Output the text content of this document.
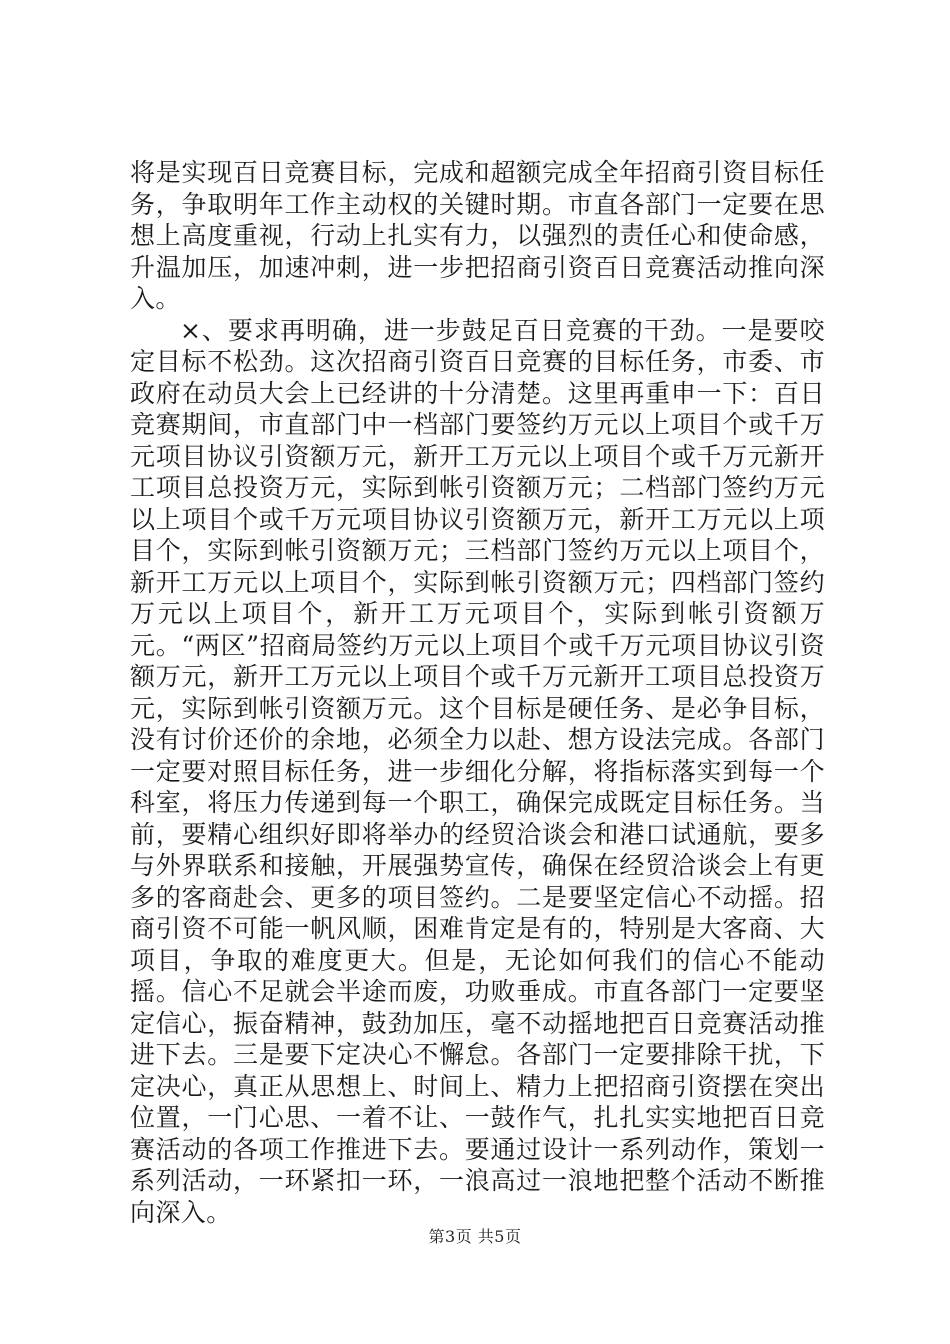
将是实现百日竞赛目标，完成和超额完成全年招商引资目标任务，争取明年工作主动权的关键时期。市直各部门一定要在思想上高度重视，行动上扎实有力，以强烈的责任心和使命感，升温加压，加速冲刺，进一步把招商引资百日竞赛活动推向深入。

×、要求再明确，进一步鼓足百日竞赛的干劲。一是要咬定目标不松劲。这次招商引资百日竞赛的目标任务，市委、市政府在动员大会上已经讲的十分清楚。这里再重申一下：百日竞赛期间，市直部门中一档部门要签约万元以上项目个或千万元项目协议引资额万元，新开工万元以上项目个或千万元新开工项目总投资万元，实际到帐引资额万元；二档部门签约万元以上项目个或千万元项目协议引资额万元，新开工万元以上项目个，实际到帐引资额万元；三档部门签约万元以上项目个，新开工万元以上项目个，实际到帐引资额万元；四档部门签约万元以上项目个，新开工万元项目个，实际到帐引资额万元。“两区”招商局签约万元以上项目个或千万元项目协议引资额万元，新开工万元以上项目个或千万元新开工项目总投资万元，实际到帐引资额万元。这个目标是硬任务、是必争目标，没有讨价还价的余地，必须全力以赴、想方设法完成。各部门一定要对照目标任务，进一步细化分解，将指标落实到每一个科室，将压力传递到每一个职工，确保完成既定目标任务。当前，要精心组织好即将举办的经贸洽谈会和港口试通航，要多与外界联系和接触，开展强势宣传，确保在经贸洽谈会上有更多的客商赴会、更多的项目签约。二是要坚定信心不动摇。招商引资不可能一帆风顺，困难肯定是有的，特别是大客商、大项目，争取的难度更大。但是，无论如何我们的信心不能动摇。信心不足就会半途而废，功败垂成。市直各部门一定要坚定信心，振奋精神，鼓劲加压，毫不动摇地把百日竞赛活动推进下去。三是要下定决心不懈怠。各部门一定要排除干扰，下定决心，真正从思想上、时间上、精力上把招商引资摆在突出位置，一门心思、一着不让、一鼓作气，扎扎实实地把百日竞赛活动的各项工作推进下去。要通过设计一系列动作，策划一系列活动，一环紧扣一环，一浪高过一浪地把整个活动不断推向深入。

第3页 共5页
